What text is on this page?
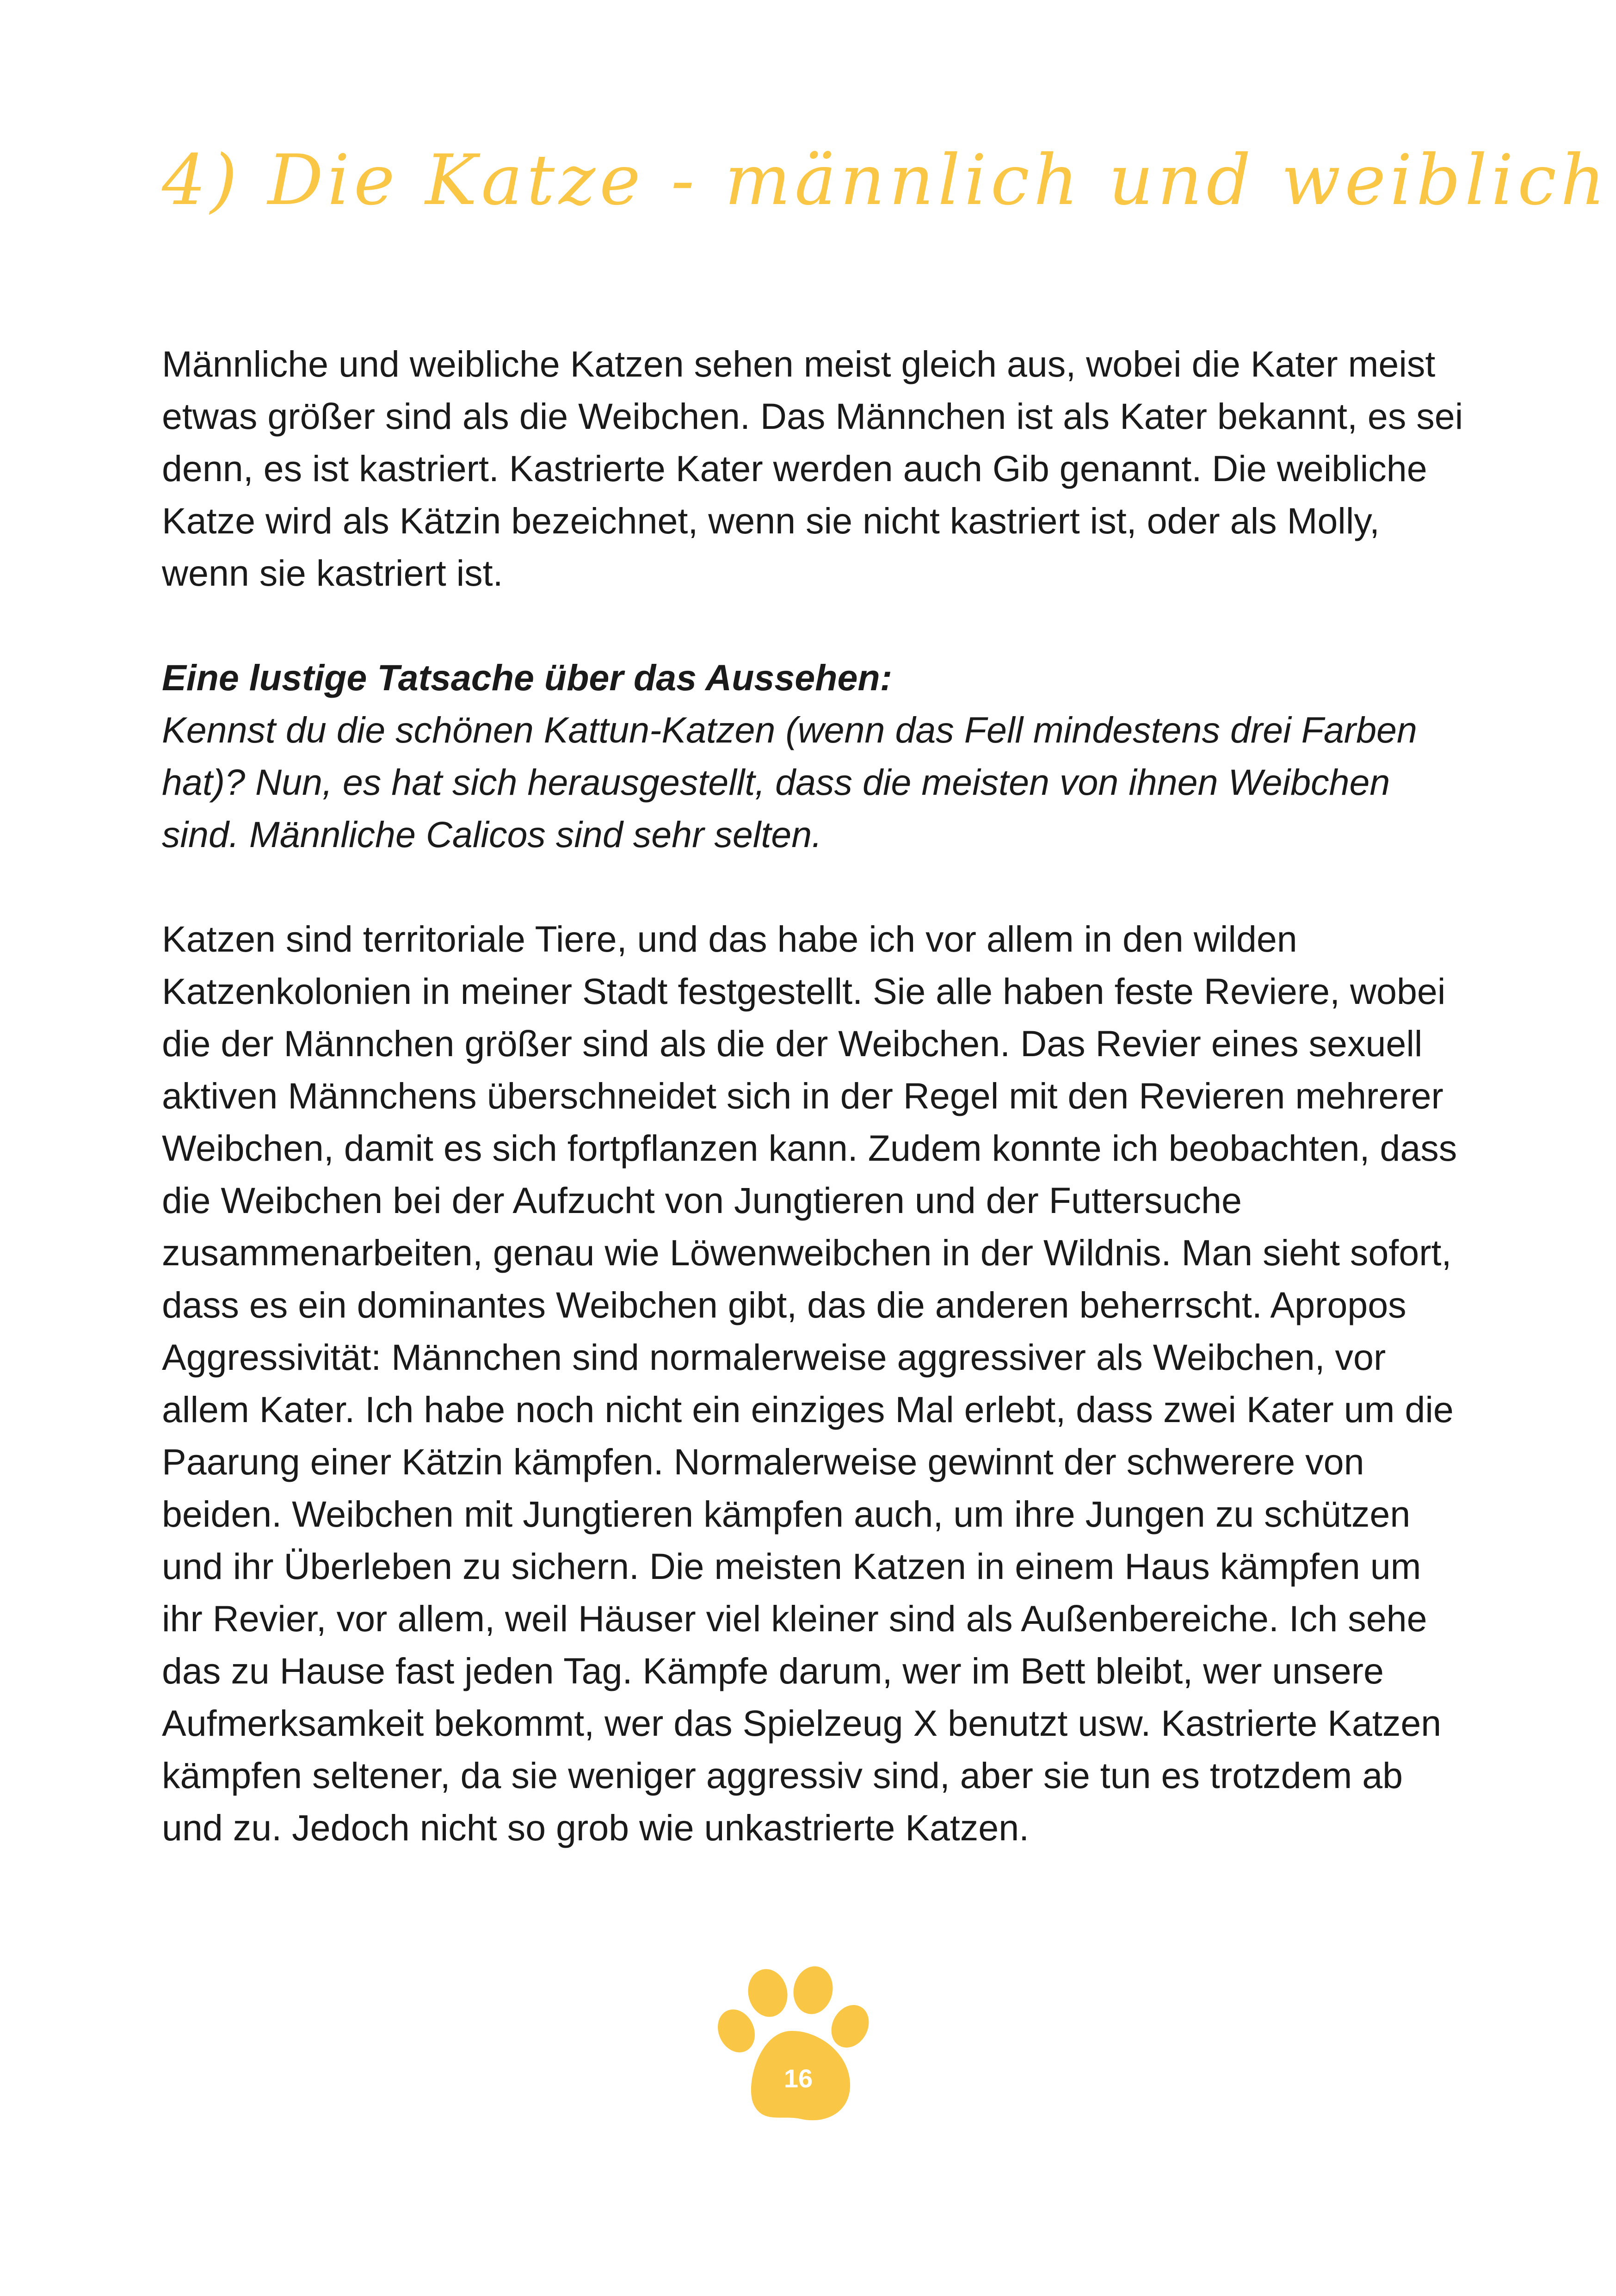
4) Die Katze - männlich und weiblich

Männliche und weibliche Katzen sehen meist gleich aus, wobei die Kater meist etwas größer sind als die Weibchen. Das Männchen ist als Kater bekannt, es sei denn, es ist kastriert. Kastrierte Kater werden auch Gib genannt. Die weibliche Katze wird als Kätzin bezeichnet, wenn sie nicht kastriert ist, oder als Molly, wenn sie kastriert ist.

Eine lustige Tatsache über das Aussehen:

Kennst du die schönen Kattun-Katzen (wenn das Fell mindestens drei Farben hat)? Nun, es hat sich herausgestellt, dass die meisten von ihnen Weibchen sind. Männliche Calicos sind sehr selten.

Katzen sind territoriale Tiere, und das habe ich vor allem in den wilden Katzenkolonien in meiner Stadt festgestellt. Sie alle haben feste Reviere, wobei die der Männchen größer sind als die der Weibchen. Das Revier eines sexuell aktiven Männchens überschneidet sich in der Regel mit den Revieren mehrerer Weibchen, damit es sich fortpflanzen kann. Zudem konnte ich beobachten, dass die Weibchen bei der Aufzucht von Jungtieren und der Futtersuche zusammenarbeiten, genau wie Löwenweibchen in der Wildnis. Man sieht sofort, dass es ein dominantes Weibchen gibt, das die anderen beherrscht. Apropos Aggressivität: Männchen sind normalerweise aggressiver als Weibchen, vor allem Kater. Ich habe noch nicht ein einziges Mal erlebt, dass zwei Kater um die Paarung einer Kätzin kämpfen. Normalerweise gewinnt der schwerere von beiden. Weibchen mit Jungtieren kämpfen auch, um ihre Jungen zu schützen und ihr Überleben zu sichern. Die meisten Katzen in einem Haus kämpfen um ihr Revier, vor allem, weil Häuser viel kleiner sind als Außenbereiche. Ich sehe das zu Hause fast jeden Tag. Kämpfe darum, wer im Bett bleibt, wer unsere Aufmerksamkeit bekommt, wer das Spielzeug X benutzt usw. Kastrierte Katzen kämpfen seltener, da sie weniger aggressiv sind, aber sie tun es trotzdem ab und zu. Jedoch nicht so grob wie unkastrierte Katzen.

16
